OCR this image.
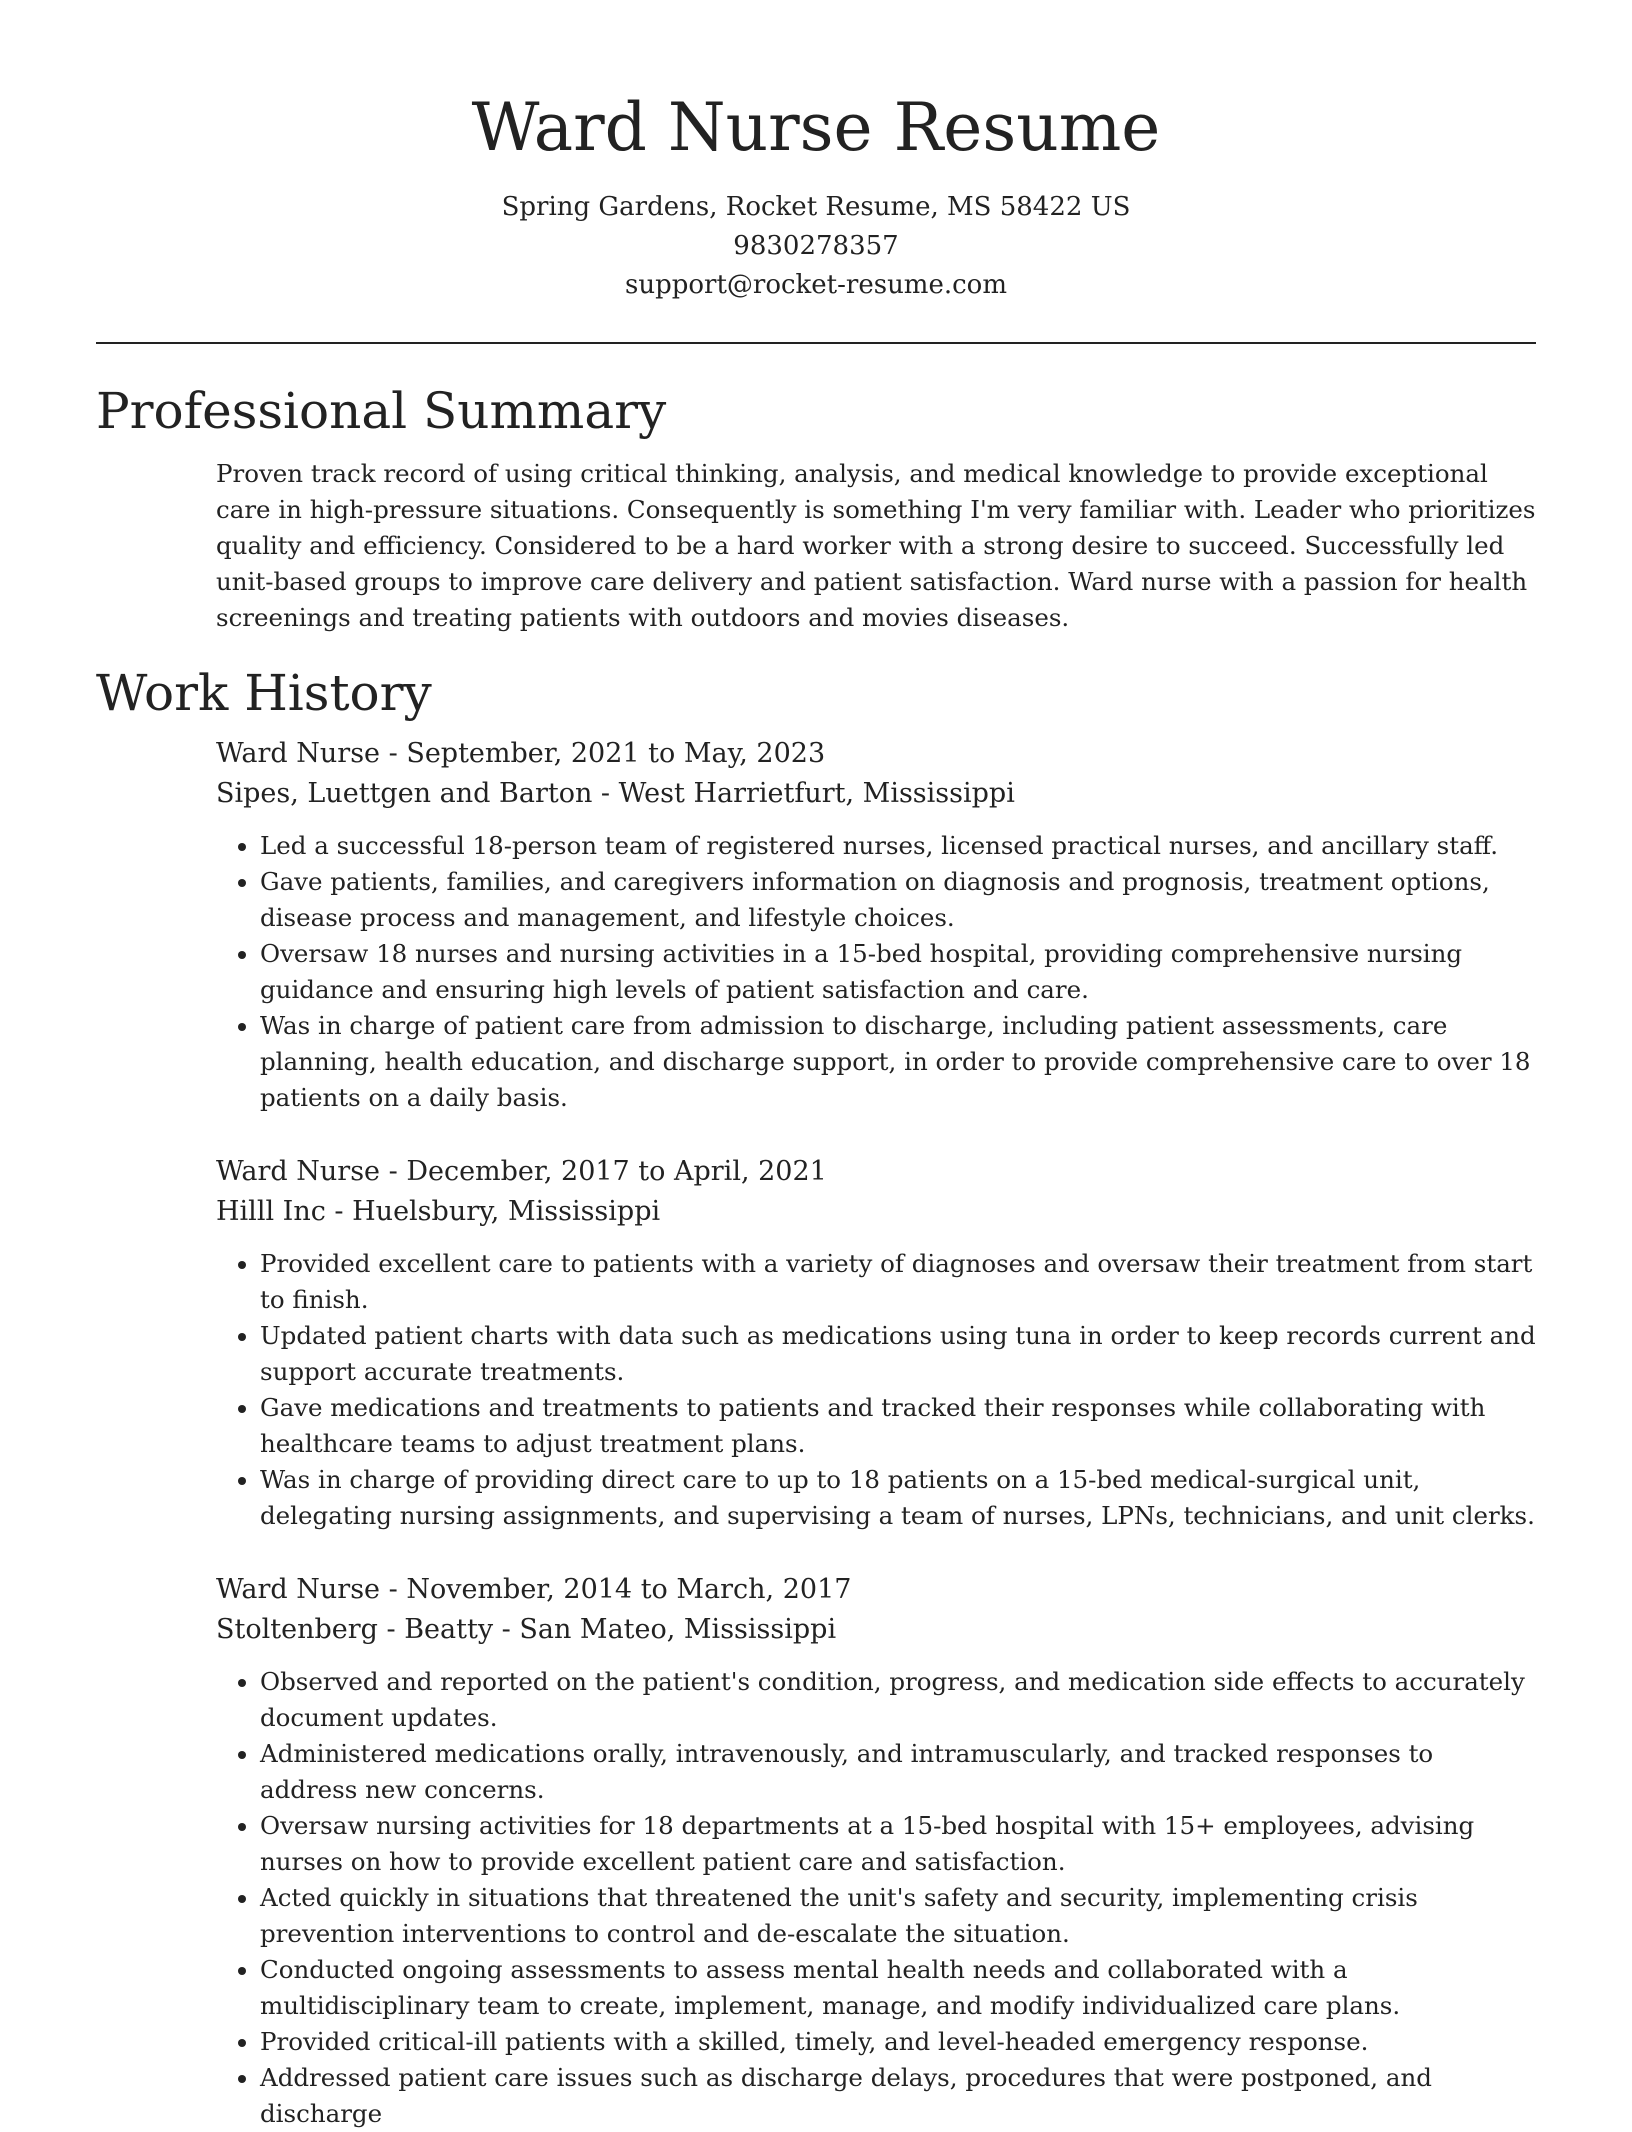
Ward Nurse Resume
Spring Gardens, Rocket Resume, MS 58422 US
9830278357
support@rocket-resume.com
Professional Summary

Proven track record of using critical thinking, analysis, and medical knowledge to provide exceptional care in high-pressure situations. Consequently is something I'm very familiar with. Leader who prioritizes quality and efficiency. Considered to be a hard worker with a strong desire to succeed. Successfully led unit-based groups to improve care delivery and patient satisfaction. Ward nurse with a passion for health screenings and treating patients with outdoors and movies diseases.

Work History
Ward Nurse - September, 2021 to May, 2023
Sipes, Luettgen and Barton - West Harrietfurt, Mississippi
• Led a successful 18-person team of registered nurses, licensed practical nurses, and ancillary staff.
• Gave patients, families, and caregivers information on diagnosis and prognosis, treatment options, disease process and management, and lifestyle choices.
• Oversaw 18 nurses and nursing activities in a 15-bed hospital, providing comprehensive nursing guidance and ensuring high levels of patient satisfaction and care.
• Was in charge of patient care from admission to discharge, including patient assessments, care planning, health education, and discharge support, in order to provide comprehensive care to over 18 patients on a daily basis.
Ward Nurse - December, 2017 to April, 2021
Hilll Inc - Huelsbury, Mississippi
• Provided excellent care to patients with a variety of diagnoses and oversaw their treatment from start to finish.
• Updated patient charts with data such as medications using tuna in order to keep records current and support accurate treatments.
• Gave medications and treatments to patients and tracked their responses while collaborating with healthcare teams to adjust treatment plans.
• Was in charge of providing direct care to up to 18 patients on a 15-bed medical-surgical unit, delegating nursing assignments, and supervising a team of nurses, LPNs, technicians, and unit clerks.
Ward Nurse - November, 2014 to March, 2017
Stoltenberg - Beatty - San Mateo, Mississippi
• Observed and reported on the patient's condition, progress, and medication side effects to accurately document updates.
• Administered medications orally, intravenously, and intramuscularly, and tracked responses to address new concerns.
• Oversaw nursing activities for 18 departments at a 15-bed hospital with 15+ employees, advising nurses on how to provide excellent patient care and satisfaction.
• Acted quickly in situations that threatened the unit's safety and security, implementing crisis prevention interventions to control and de-escalate the situation.
• Conducted ongoing assessments to assess mental health needs and collaborated with a multidisciplinary team to create, implement, manage, and modify individualized care plans.
• Provided critical-ill patients with a skilled, timely, and level-headed emergency response.
• Addressed patient care issues such as discharge delays, procedures that were postponed, and discharge
